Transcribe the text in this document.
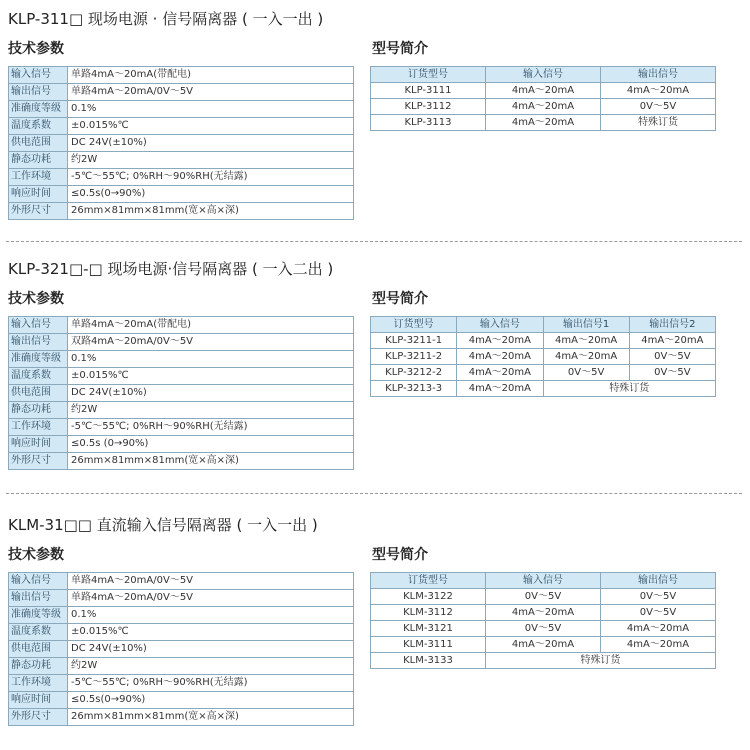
KLP-311□ 现场电源 · 信号隔离器 ( 一入一出 )
技术参数	型号简介
输入信号	单路4mA～20mA(带配电)
输出信号	单路4mA～20mA/0V～5V
准确度等级	0.1%
温度系数	±0.015%℃
供电范围	DC 24V(±10%)
静态功耗	约2W
工作环境	-5℃～55℃; 0%RH～90%RH(无结露)
响应时间	≤0.5s(0→90%)
外形尺寸	26mm×81mm×81mm(宽×高×深)
订货型号	输入信号	输出信号
KLP-3111	4mA～20mA	4mA～20mA
KLP-3112	4mA～20mA	0V～5V
KLP-3113	4mA～20mA	特殊订货
KLP-321□-□ 现场电源·信号隔离器 ( 一入二出 )
技术参数	型号简介
输入信号	单路4mA～20mA(带配电)
输出信号	双路4mA～20mA/0V～5V
准确度等级	0.1%
温度系数	±0.015%℃
供电范围	DC 24V(±10%)
静态功耗	约2W
工作环境	-5℃～55℃; 0%RH～90%RH(无结露)
响应时间	≤0.5s (0→90%)
外形尺寸	26mm×81mm×81mm(宽×高×深)
订货型号	输入信号	输出信号1	输出信号2
KLP-3211-1	4mA～20mA	4mA～20mA	4mA～20mA
KLP-3211-2	4mA～20mA	4mA～20mA	0V～5V
KLP-3212-2	4mA～20mA	0V～5V	0V～5V
KLP-3213-3	4mA～20mA	特殊订货	
KLM-31□□ 直流输入信号隔离器 ( 一入一出 )
技术参数	型号简介
输入信号	单路4mA～20mA/0V～5V
输出信号	单路4mA～20mA/0V～5V
准确度等级	0.1%
温度系数	±0.015%℃
供电范围	DC 24V(±10%)
静态功耗	约2W
工作环境	-5℃～55℃; 0%RH～90%RH(无结露)
响应时间	≤0.5s(0→90%)
外形尺寸	26mm×81mm×81mm(宽×高×深)
订货型号	输入信号	输出信号
KLM-3122	0V～5V	0V～5V
KLM-3112	4mA～20mA	0V～5V
KLM-3121	0V～5V	4mA～20mA
KLM-3111	4mA～20mA	4mA～20mA
KLM-3133	特殊订货	
